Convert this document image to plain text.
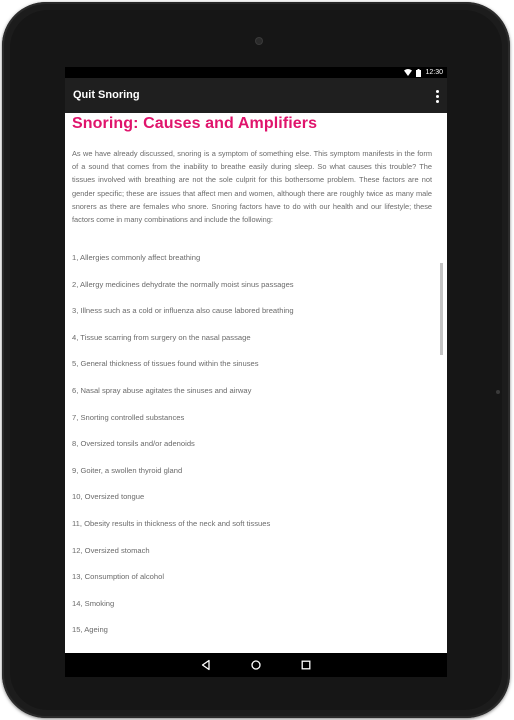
12:30
Quit Snoring
Snoring: Causes and Amplifiers

As we have already discussed, snoring is a symptom of something else. This symptom manifests in the form of a sound that comes from the inability to breathe easily during sleep. So what causes this trouble? The tissues involved with breathing are not the sole culprit for this bothersome problem. These factors are not gender specific; these are issues that affect men and women, although there are roughly twice as many male snorers as there are females who snore. Snoring factors have to do with our health and our lifestyle; these factors come in many combinations and include the following:

1, Allergies commonly affect breathing
2, Allergy medicines dehydrate the normally moist sinus passages
3, Illness such as a cold or influenza also cause labored breathing
4, Tissue scarring from surgery on the nasal passage
5, General thickness of tissues found within the sinuses
6, Nasal spray abuse agitates the sinuses and airway
7, Snorting controlled substances
8, Oversized tonsils and/or adenoids
9, Goiter, a swollen thyroid gland
10, Oversized tongue
11, Obesity results in thickness of the neck and soft tissues
12, Oversized stomach
13, Consumption of alcohol
14, Smoking
15, Ageing
